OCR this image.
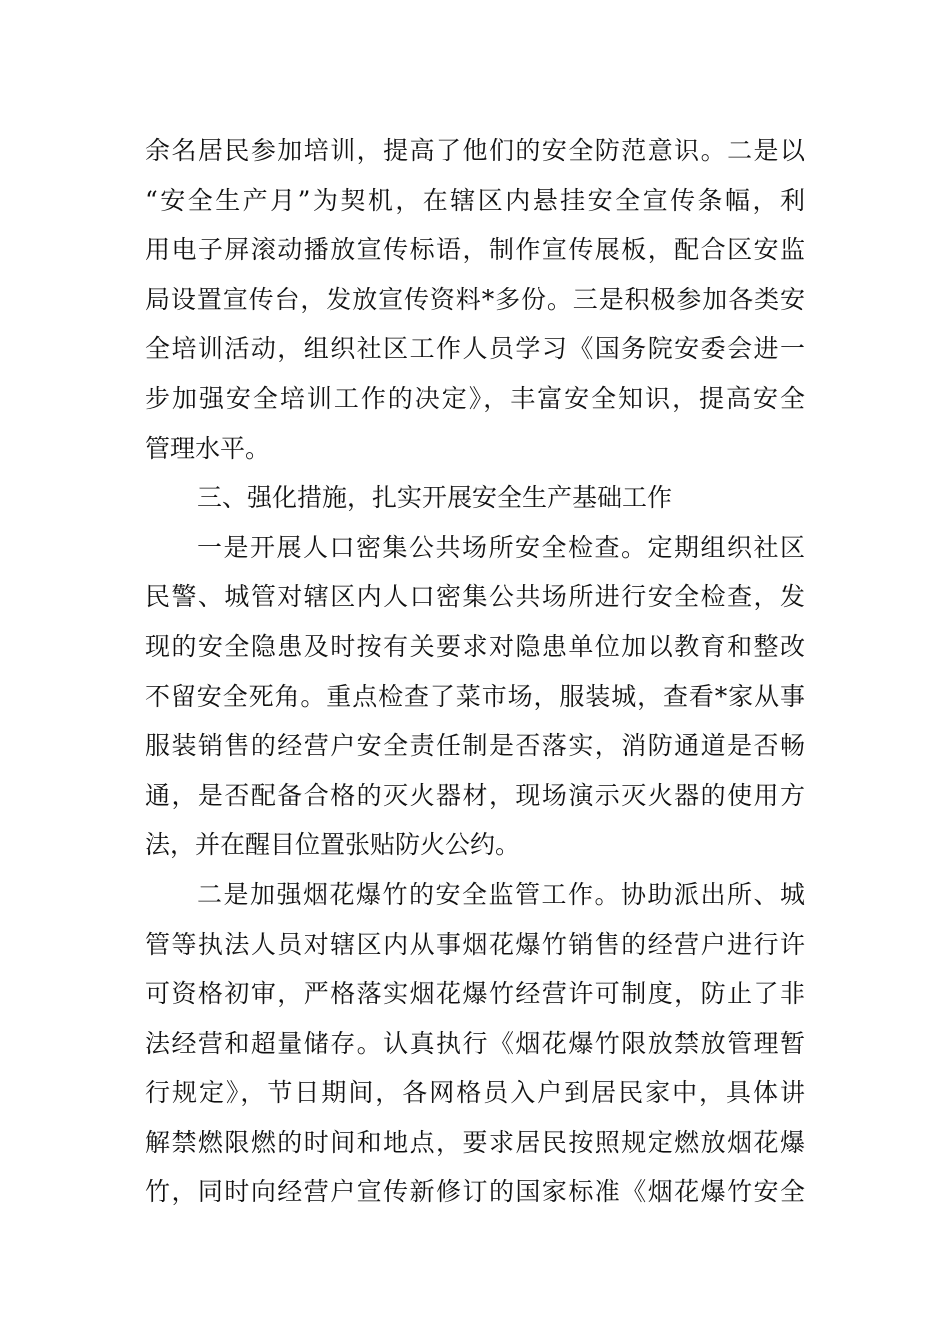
余名居民参加培训，提高了他们的安全防范意识。二是以
“安全生产月”为契机，在辖区内悬挂安全宣传条幅，利
用电子屏滚动播放宣传标语，制作宣传展板，配合区安监
局设置宣传台，发放宣传资料*多份。三是积极参加各类安
全培训活动，组织社区工作人员学习《国务院安委会进一
步加强安全培训工作的决定》，丰富安全知识，提高安全
管理水平。
三、强化措施，扎实开展安全生产基础工作
一是开展人口密集公共场所安全检查。定期组织社区
民警、城管对辖区内人口密集公共场所进行安全检查，发
现的安全隐患及时按有关要求对隐患单位加以教育和整改
不留安全死角。重点检查了菜市场，服装城，查看*家从事
服装销售的经营户安全责任制是否落实，消防通道是否畅
通，是否配备合格的灭火器材，现场演示灭火器的使用方
法，并在醒目位置张贴防火公约。
二是加强烟花爆竹的安全监管工作。协助派出所、城
管等执法人员对辖区内从事烟花爆竹销售的经营户进行许
可资格初审，严格落实烟花爆竹经营许可制度，防止了非
法经营和超量储存。认真执行《烟花爆竹限放禁放管理暂
行规定》，节日期间，各网格员入户到居民家中，具体讲
解禁燃限燃的时间和地点，要求居民按照规定燃放烟花爆
竹，同时向经营户宣传新修订的国家标准《烟花爆竹安全
